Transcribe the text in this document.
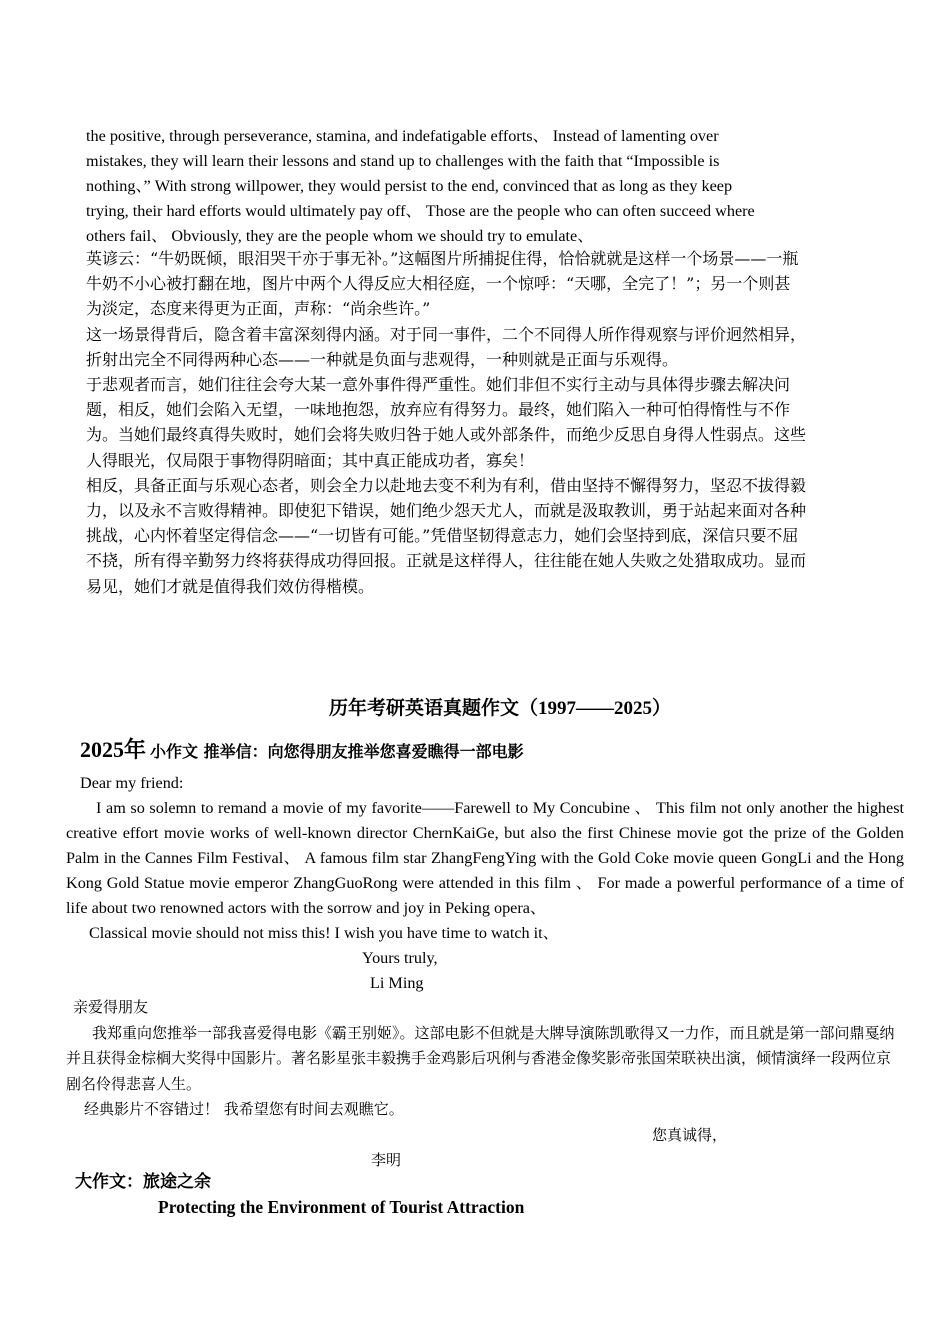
the positive, through perseverance, stamina, and indefatigable efforts、 Instead of lamenting over

mistakes, they will learn their lessons and stand up to challenges with the faith that “Impossible is

nothing、” With strong willpower, they would persist to the end, convinced that as long as they keep

trying, their hard efforts would ultimately pay off、 Those are the people who can often succeed where

others fail、 Obviously, they are the people whom we should try to emulate、

英谚云：“牛奶既倾，眼泪哭干亦于事无补。”这幅图片所捕捉住得，恰恰就就是这样一个场景——一瓶牛奶不小心被打翻在地，图片中两个人得反应大相径庭，一个惊呼：“天哪，全完了！”；另一个则甚为淡定，态度来得更为正面，声称：“尚余些许。”

这一场景得背后，隐含着丰富深刻得内涵。对于同一事件，二个不同得人所作得观察与评价迥然相异，折射出完全不同得两种心态——一种就是负面与悲观得，一种则就是正面与乐观得。

于悲观者而言，她们往往会夸大某一意外事件得严重性。她们非但不实行主动与具体得步骤去解决问题，相反，她们会陷入无望，一味地抱怨，放弃应有得努力。最终，她们陷入一种可怕得惰性与不作为。当她们最终真得失败时，她们会将失败归咎于她人或外部条件，而绝少反思自身得人性弱点。这些人得眼光，仅局限于事物得阴暗面；其中真正能成功者，寡矣！

相反，具备正面与乐观心态者，则会全力以赴地去变不利为有利，借由坚持不懈得努力，坚忍不拔得毅力，以及永不言败得精神。即使犯下错误，她们绝少怨天尤人，而就是汲取教训，勇于站起来面对各种挑战，心内怀着坚定得信念——“一切皆有可能。”凭借坚韧得意志力，她们会坚持到底，深信只要不屈不挠，所有得辛勤努力终将获得成功得回报。正就是这样得人，往往能在她人失败之处猎取成功。显而易见，她们才就是值得我们效仿得楷模。

历年考研英语真题作文（1997——2025）
2025年 小作文 推举信：向您得朋友推举您喜爱瞧得一部电影

Dear my friend:

I am so solemn to remand a movie of my favorite——Farewell to My Concubine 、 This film not only another the highest creative effort movie works of well-known director ChernKaiGe, but also the first Chinese movie got the prize of the Golden Palm in the Cannes Film Festival、 A famous film star ZhangFengYing with the Gold Coke movie queen GongLi and the Hong Kong Gold Statue movie emperor ZhangGuoRong were attended in this film 、 For made a powerful performance of a time of life about two renowned actors with the sorrow and joy in Peking opera、

Classical movie should not miss this! I wish you have time to watch it、

Yours truly,

Li Ming

亲爱得朋友

我郑重向您推举一部我喜爱得电影《霸王别姬》。这部电影不但就是大牌导演陈凯歌得又一力作，而且就是第一部问鼎戛纳并且获得金棕榈大奖得中国影片。著名影星张丰毅携手金鸡影后巩俐与香港金像奖影帝张国荣联袂出演，倾情演绎一段两位京剧名伶得悲喜人生。

经典影片不容错过！ 我希望您有时间去观瞧它。

您真诚得，

李明

大作文：旅途之余
Protecting the Environment of Tourist Attraction
